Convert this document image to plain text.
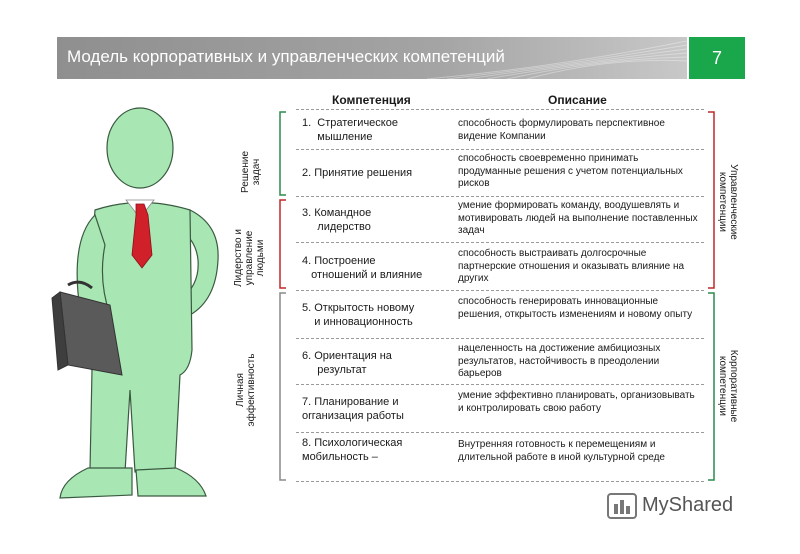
Модель корпоративных и управленческих компетенций	7
Компетенция	Описание
1.  Стратегическое
мышление
способность формулировать перспективное видение Компании
2. Принятие решения
способность своевременно принимать продуманные решения с учетом потенциальных рисков
3. Командное
лидерство
умение формировать команду, воодушевлять и мотивировать людей на выполнение поставленных задач
4. Построение
отношений и влияние
способность выстраивать долгосрочные партнерские отношения и оказывать влияние на других
5. Открытость новому
и инновационность
способность генерировать инновационные решения, открытость изменениям и новому опыту
6. Ориентация на
результат
нацеленность на достижение амбициозных результатов, настойчивость в преодолении барьеров
7. Планирование и
orганизация работы
умение эффективно планировать, организовывать и контролировать свою работу
8. Психологическая
мобильность –
Внутренняя готовность к перемещениям и длительной работе в иной культурной среде
Решение
задач
Лидерство и
управление
людьми
Личная
эффективность
Управленческие
компетенции
Корпоративные
компетенции
MyShared
